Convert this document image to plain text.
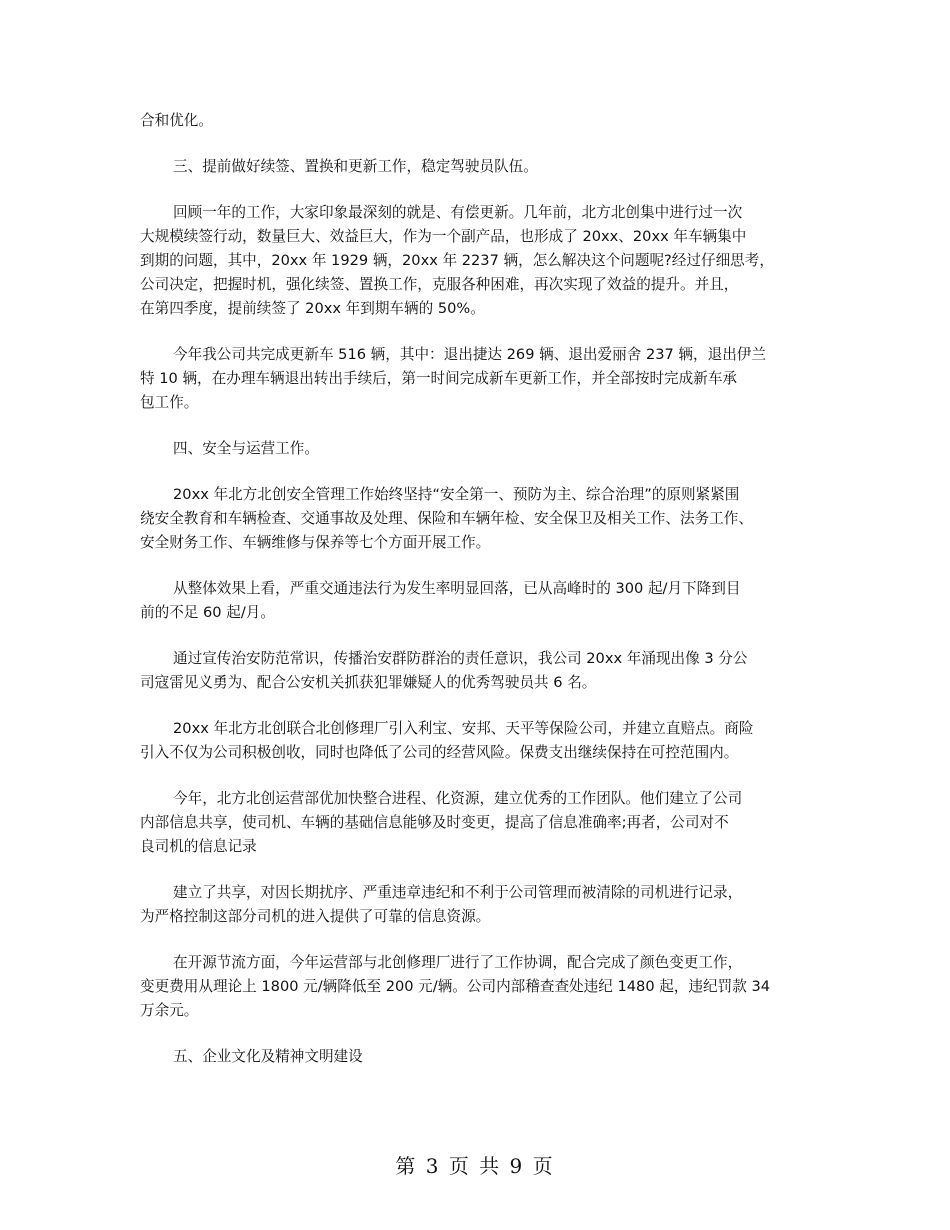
合和优化。

三、提前做好续签、置换和更新工作，稳定驾驶员队伍。

回顾一年的工作，大家印象最深刻的就是、有偿更新。几年前，北方北创集中进行过一次
大规模续签行动，数量巨大、效益巨大，作为一个副产品，也形成了 20xx、20xx 年车辆集中
到期的问题，其中，20xx 年 1929 辆，20xx 年 2237 辆，怎么解决这个问题呢?经过仔细思考，
公司决定，把握时机，强化续签、置换工作，克服各种困难，再次实现了效益的提升。并且，
在第四季度，提前续签了 20xx 年到期车辆的 50%。

今年我公司共完成更新车 516 辆，其中：退出捷达 269 辆、退出爱丽舍 237 辆，退出伊兰
特 10 辆，在办理车辆退出转出手续后，第一时间完成新车更新工作，并全部按时完成新车承
包工作。

四、安全与运营工作。

20xx 年北方北创安全管理工作始终坚持“安全第一、预防为主、综合治理”的原则紧紧围
绕安全教育和车辆检查、交通事故及处理、保险和车辆年检、安全保卫及相关工作、法务工作、
安全财务工作、车辆维修与保养等七个方面开展工作。

从整体效果上看，严重交通违法行为发生率明显回落，已从高峰时的 300 起/月下降到目
前的不足 60 起/月。

通过宣传治安防范常识，传播治安群防群治的责任意识，我公司 20xx 年涌现出像 3 分公
司寇雷见义勇为、配合公安机关抓获犯罪嫌疑人的优秀驾驶员共 6 名。

20xx 年北方北创联合北创修理厂引入利宝、安邦、天平等保险公司，并建立直赔点。商险
引入不仅为公司积极创收，同时也降低了公司的经营风险。保费支出继续保持在可控范围内。

今年，北方北创运营部优加快整合进程、化资源，建立优秀的工作团队。他们建立了公司
内部信息共享，使司机、车辆的基础信息能够及时变更，提高了信息准确率;再者，公司对不
良司机的信息记录

建立了共享，对因长期扰序、严重违章违纪和不利于公司管理而被清除的司机进行记录，
为严格控制这部分司机的进入提供了可靠的信息资源。

在开源节流方面，今年运营部与北创修理厂进行了工作协调，配合完成了颜色变更工作，
变更费用从理论上 1800 元/辆降低至 200 元/辆。公司内部稽查查处违纪 1480 起，违纪罚款 34
万余元。

五、企业文化及精神文明建设

第 3 页 共 9 页
